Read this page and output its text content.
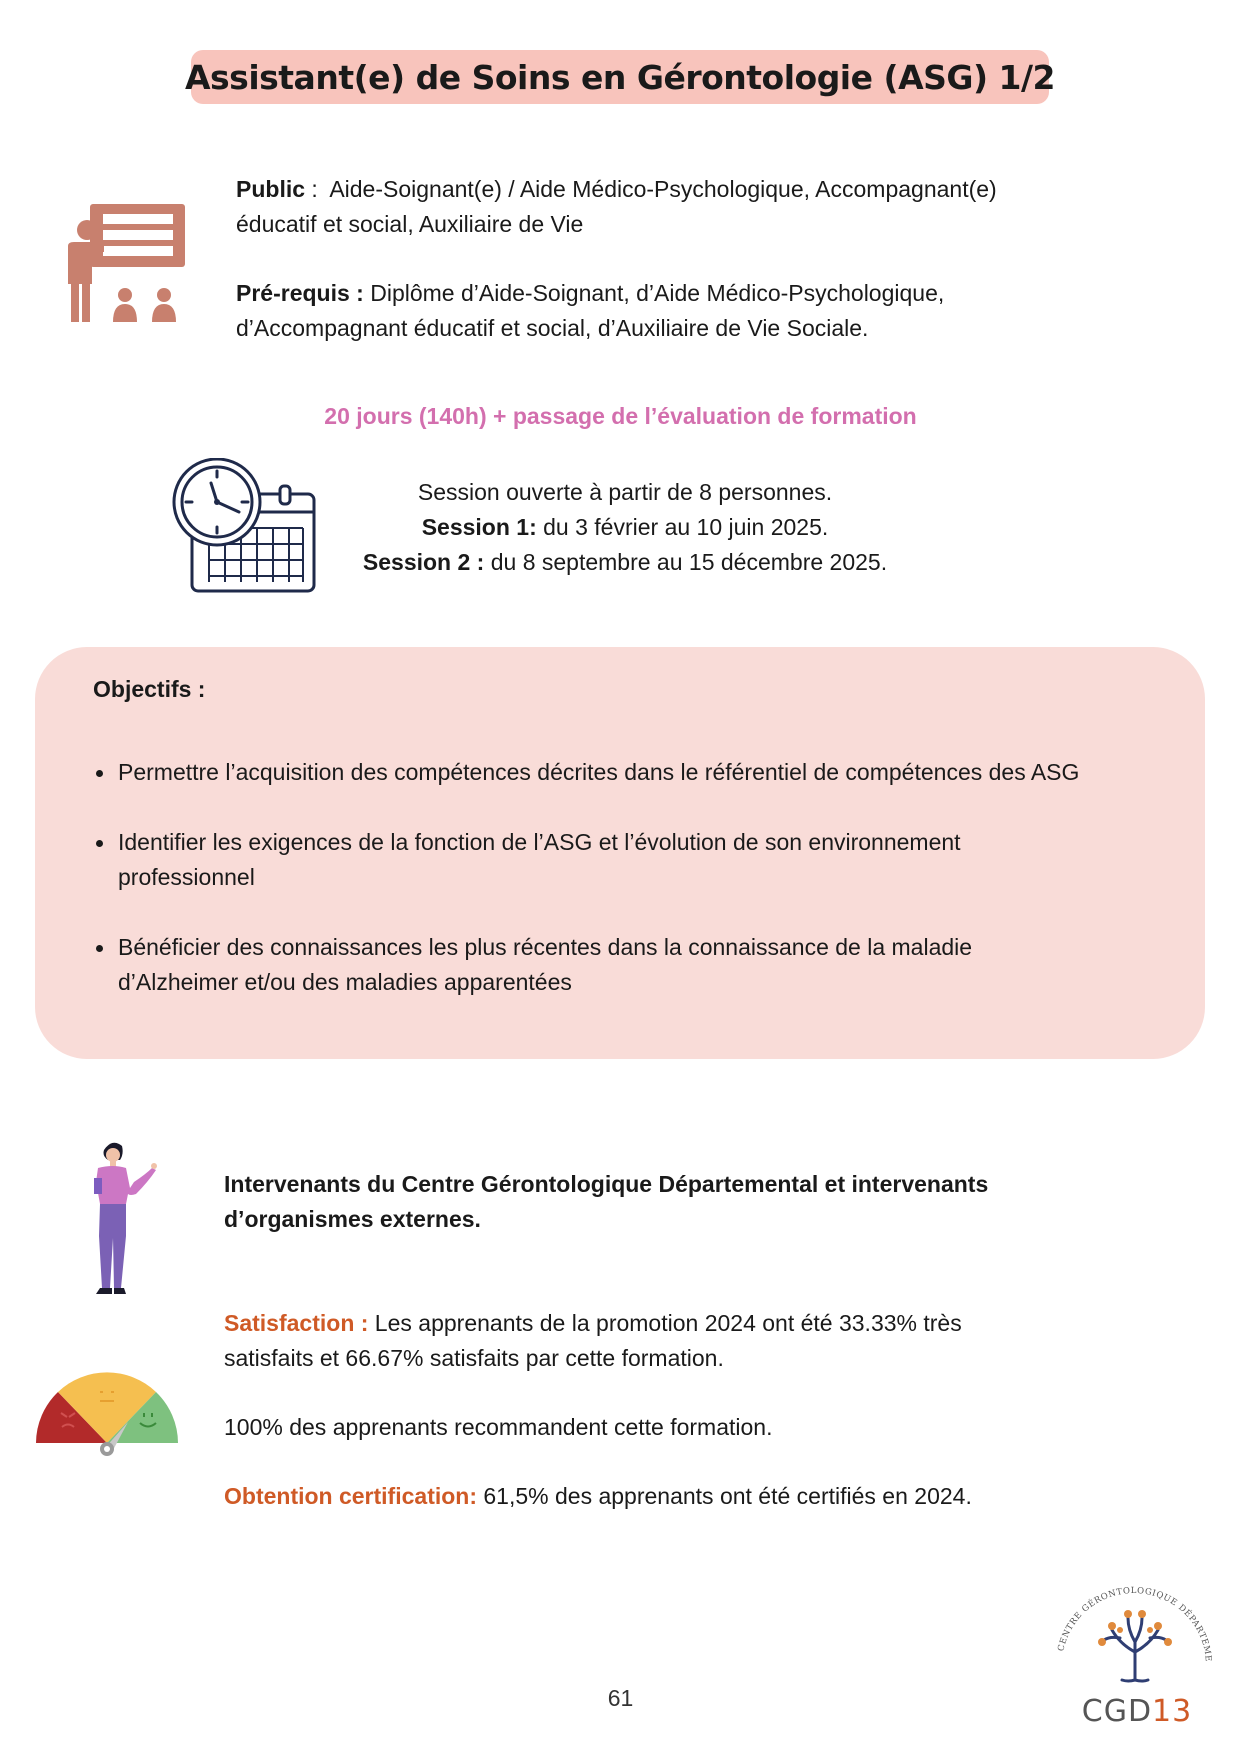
Assistant(e) de Soins en Gérontologie (ASG) 1/2
Public :  Aide-Soignant(e) / Aide Médico-Psychologique, Accompagnant(e)
éducatif et social, Auxiliaire de Vie
Pré-requis : Diplôme d’Aide-Soignant, d’Aide Médico-Psychologique,
d’Accompagnant éducatif et social, d’Auxiliaire de Vie Sociale.
20 jours (140h) + passage de l’évaluation de formation
Session ouverte à partir de 8 personnes.
Session 1: du 3 février au 10 juin 2025.
Session 2 : du 8 septembre au 15 décembre 2025.
Objectifs :
Permettre l’acquisition des compétences décrites dans le référentiel de compétences des ASG
Identifier les exigences de la fonction de l’ASG et l’évolution de son environnement professionnel
Bénéficier des connaissances les plus récentes dans la connaissance de la maladie d’Alzheimer et/ou des maladies apparentées
Intervenants du Centre Gérontologique Départemental et intervenants
d’organismes externes.
Satisfaction : Les apprenants de la promotion 2024 ont été 33.33% très
satisfaits et 66.67% satisfaits par cette formation.
100% des apprenants recommandent cette formation.
Obtention certification: 61,5% des apprenants ont été certifiés en 2024.
61
CENTRE GÉRONTOLOGIQUE DÉPARTEME
CGD13
